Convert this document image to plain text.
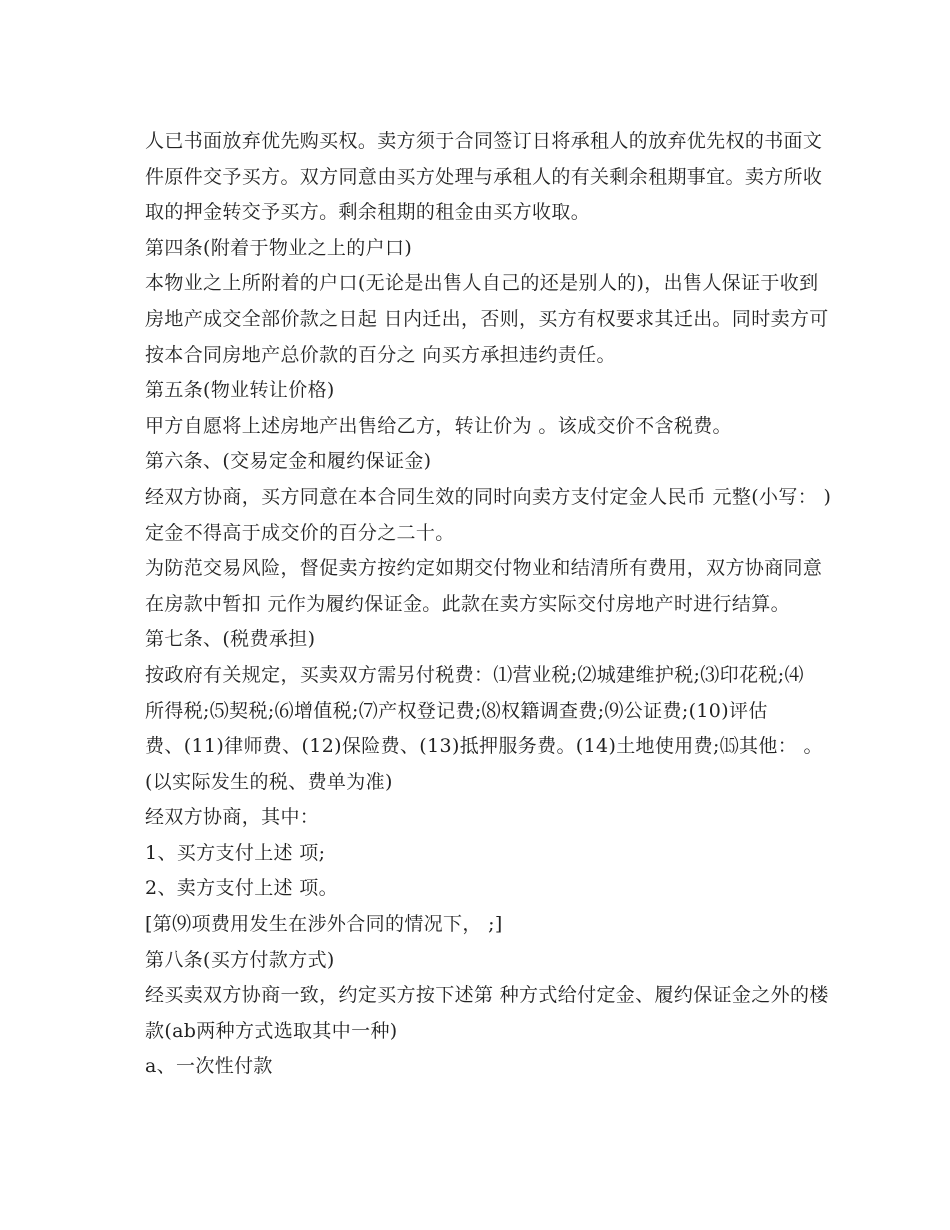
人已书面放弃优先购买权。卖方须于合同签订日将承租人的放弃优先权的书面文
件原件交予买方。双方同意由买方处理与承租人的有关剩余租期事宜。卖方所收
取的押金转交予买方。剩余租期的租金由买方收取。
第四条(附着于物业之上的户口)
本物业之上所附着的户口(无论是出售人自己的还是别人的)，出售人保证于收到
房地产成交全部价款之日起 日内迁出，否则，买方有权要求其迁出。同时卖方可
按本合同房地产总价款的百分之 向买方承担违约责任。
第五条(物业转让价格)
甲方自愿将上述房地产出售给乙方，转让价为 。该成交价不含税费。
第六条、(交易定金和履约保证金)
经双方协商，买方同意在本合同生效的同时向卖方支付定金人民币 元整(小写： )
定金不得高于成交价的百分之二十。
为防范交易风险，督促卖方按约定如期交付物业和结清所有费用，双方协商同意
在房款中暂扣 元作为履约保证金。此款在卖方实际交付房地产时进行结算。
第七条、(税费承担)
按政府有关规定，买卖双方需另付税费：⑴营业税;⑵城建维护税;⑶印花税;⑷
所得税;⑸契税;⑹增值税;⑺产权登记费;⑻权籍调查费;⑼公证费;(10)评估
费、(11)律师费、(12)保险费、(13)抵押服务费。(14)土地使用费;⒂其他： 。
(以实际发生的税、费单为准)
经双方协商，其中：
1、买方支付上述 项;
2、卖方支付上述 项。
[第⑼项费用发生在涉外合同的情况下， ;]
第八条(买方付款方式)
经买卖双方协商一致，约定买方按下述第 种方式给付定金、履约保证金之外的楼
款(ab两种方式选取其中一种)
a、一次性付款
